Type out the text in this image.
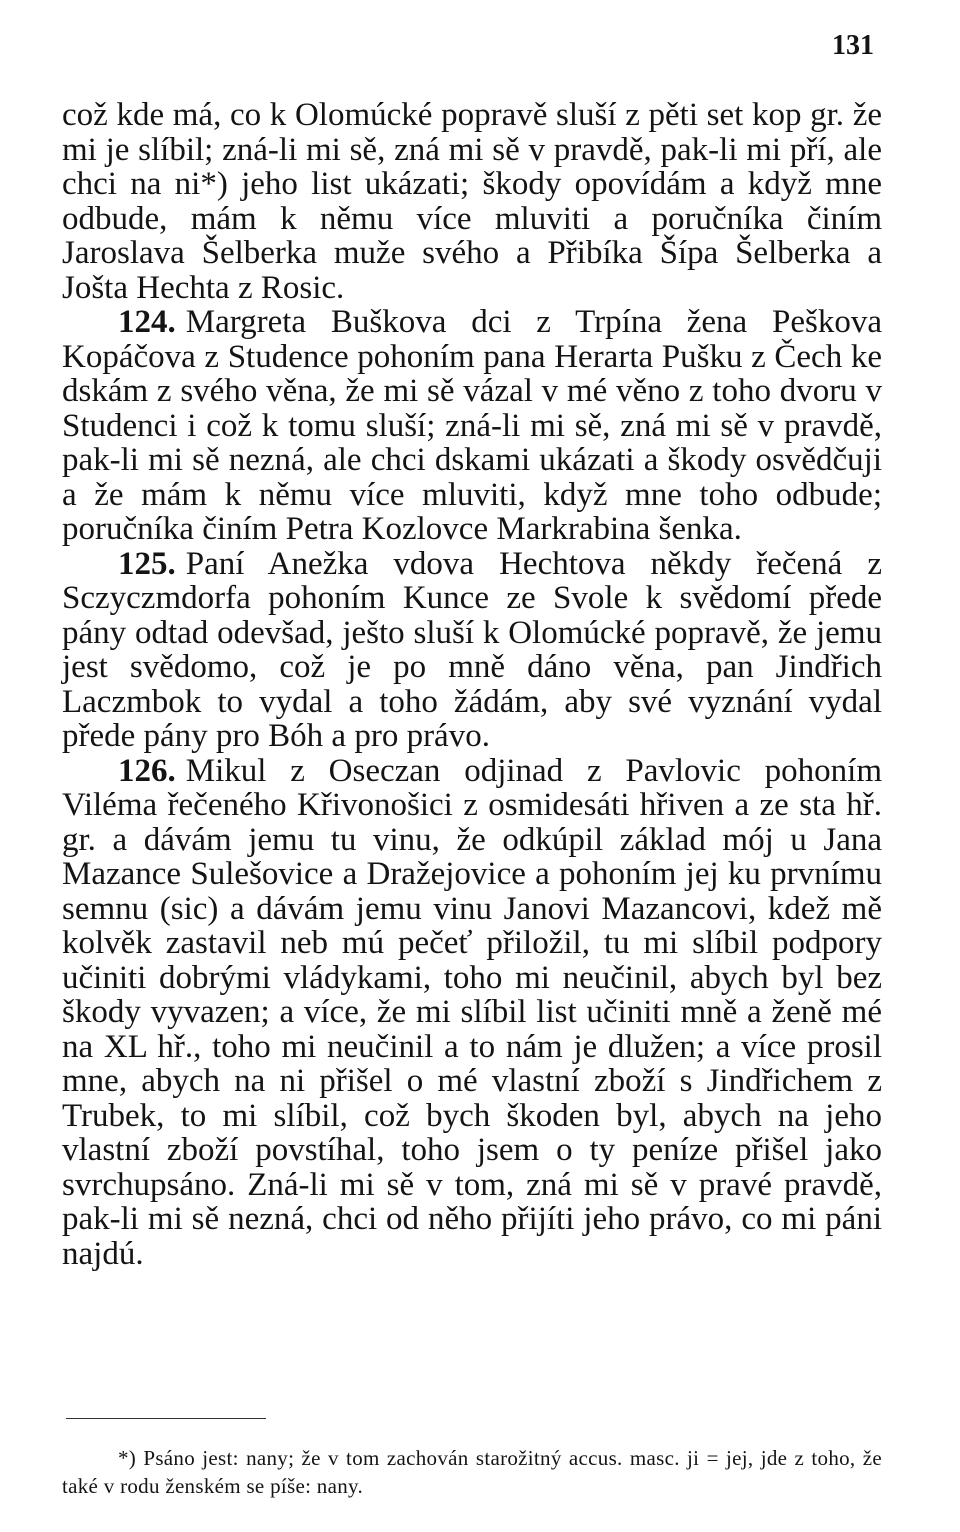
131

což kde má, co k Olomúcké popravě sluší z pěti set kop gr. že mi je slíbil; zná-li mi sě, zná mi sě v pravdě, pak-li mi pří, ale chci na ni*) jeho list ukázati; škody opovídám a když mne odbude, mám k němu více mluviti a poručníka činím Jaroslava Šelberka muže svého a Přibíka Šípa Šelberka a Jošta Hechta z Rosic.

124. Margreta Buškova dci z Trpína žena Peškova Kopáčova z Studence pohoním pana Herarta Pušku z Čech ke dskám z svého věna, že mi sě vázal v mé věno z toho dvoru v Studenci i což k tomu sluší; zná-li mi sě, zná mi sě v pravdě, pak-li mi sě nezná, ale chci dskami ukázati a škody osvědčuji a že mám k němu více mluviti, když mne toho odbude; poručníka činím Petra Kozlovce Markrabina šenka.

125. Paní Anežka vdova Hechtova někdy řečená z Sczyczmdorfa pohoním Kunce ze Svole k svědomí přede pány odtad odevšad, ješto sluší k Olomúcké popravě, že jemu jest svědomo, což je po mně dáno věna, pan Jindřich Laczmbok to vydal a toho žádám, aby své vyznání vydal přede pány pro Bóh a pro právo.

126. Mikul z Oseczan odjinad z Pavlovic pohoním Viléma řečeného Křivonošici z osmidesáti hřiven a ze sta hř. gr. a dávám jemu tu vinu, že odkúpil základ mój u Jana Mazance Sulešovice a Dražejovice a pohoním jej ku prvnímu semnu (sic) a dávám jemu vinu Janovi Mazancovi, kdež mě kolvěk zastavil neb mú pečeť přiložil, tu mi slíbil podpory učiniti dobrými vládykami, toho mi neučinil, abych byl bez škody vyvazen; a více, že mi slíbil list učiniti mně a ženě mé na XL hř., toho mi neučinil a to nám je dlužen; a více prosil mne, abych na ni přišel o mé vlastní zboží s Jindřichem z Trubek, to mi slíbil, což bych škoden byl, abych na jeho vlastní zboží povstíhal, toho jsem o ty peníze přišel jako svrchupsáno. Zná-li mi sě v tom, zná mi sě v pravé pravdě, pak-li mi sě nezná, chci od něho přijíti jeho právo, co mi páni najdú.

*) Psáno jest: nany; že v tom zachován starožitný accus. masc. ji = jej, jde z toho, že také v rodu ženském se píše: nany.
